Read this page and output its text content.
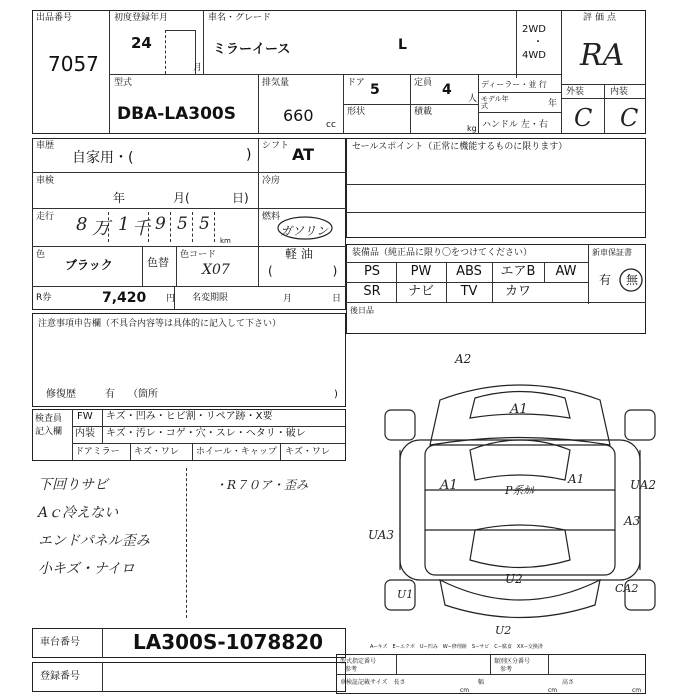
出品番号
7057
初度登録年月
24
月
車名・グレード
ミラーイース	L
2WD
・
4WD
評価点
RA
外装	内装
C C
型式
DBA-LA300S
排気量
660 cc
ドア 5	定員 4
人
ディーラー・並 行
モデル年式	年
形状	積載
kg ハンドル 左・右
車歴
自家用・(	)
シフト AT
車検
年	月(	日)
冷房
走行 8 万 1 千 9 5 5
km
燃料
ガソリン
軽 油
(     )
色
ブラック	色替
色コード
X07
R券	7,420 円 名変期限	月	日
セールスポイント（正常に機能するものに限ります）
装備品（純正品に限り〇をつけてください）	新車保証書
有 無
PS	PW	ABS	エアB	AW
SR	ナビ	TV	カワ
後日品
注意事項申告欄（不具合内容等は具体的に記入して下さい）
修復歴	有 （箇所	)
検査員
記入欄
FW キズ・凹み・ヒビ割・リペア跡・X要
内装 キズ・汚レ・コゲ・穴・スレ・ヘタリ・破レ
ドアミラー キズ・ワレ ホイール・キャップ キズ・ワレ
下回りサビ
Aｃ冷えない
エンドパネル歪み
小キズ・ナイロ
・R７０ア・歪み
A2
A1
A1	P系ｶﾙ
A1	UA2
A3
UA3
U2
U1	CA2
U2
車台番号	LA300S-1078820
登録番号
A−キズ　E−エクボ　U−凹み　W−修理跡　S−サビ　C−腐食　XX−交換済
型式指定番号
参考
類別区分番号
参考
車検証記載サイズ　長さ
cm
幅
cm
高さ
cm
